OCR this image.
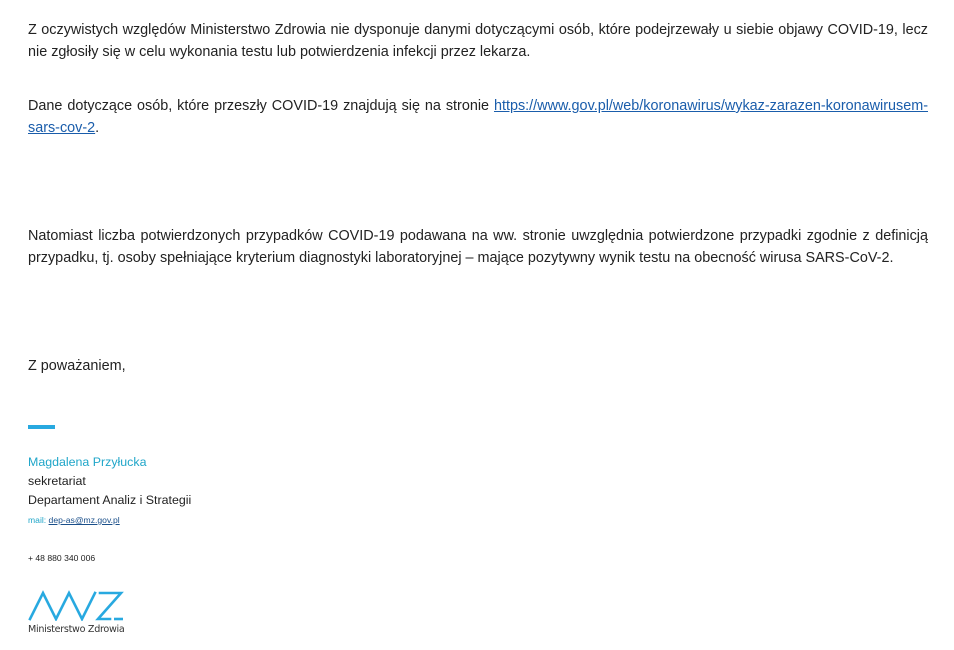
Z oczywistych względów Ministerstwo Zdrowia nie dysponuje danymi dotyczącymi osób, które podejrzewały u siebie objawy COVID-19, lecz nie zgłosiły się w celu wykonania testu lub potwierdzenia infekcji przez lekarza.

Dane dotyczące osób, które przeszły COVID-19 znajdują się na stronie https://www.gov.pl/web/koronawirus/wykaz-zarazen-koronawirusem-sars-cov-2.

Natomiast liczba potwierdzonych przypadków COVID-19 podawana na ww. stronie uwzględnia potwierdzone przypadki zgodnie z definicją przypadku, tj. osoby spełniające kryterium diagnostyki laboratoryjnej – mające pozytywny wynik testu na obecność wirusa SARS-CoV-2.

Z poważaniem,

Magdalena Przyłucka

sekretariat

Departament Analiz i Strategii

mail: dep-as@mz.gov.pl

+ 48 880 340 006

Ministerstwo Zdrowia
